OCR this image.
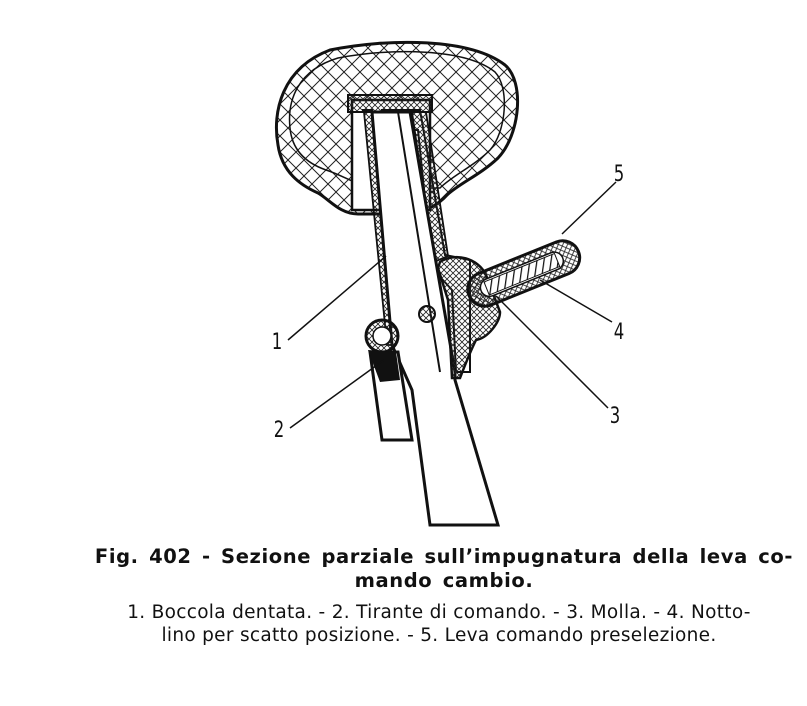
1
2
3
4
5
Fig. 402 - Sezione parziale sull’impugnatura della leva co-
mando cambio.
1. Boccola dentata. - 2. Tirante di comando. - 3. Molla. - 4. Notto-
lino per scatto posizione. - 5. Leva comando preselezione.
